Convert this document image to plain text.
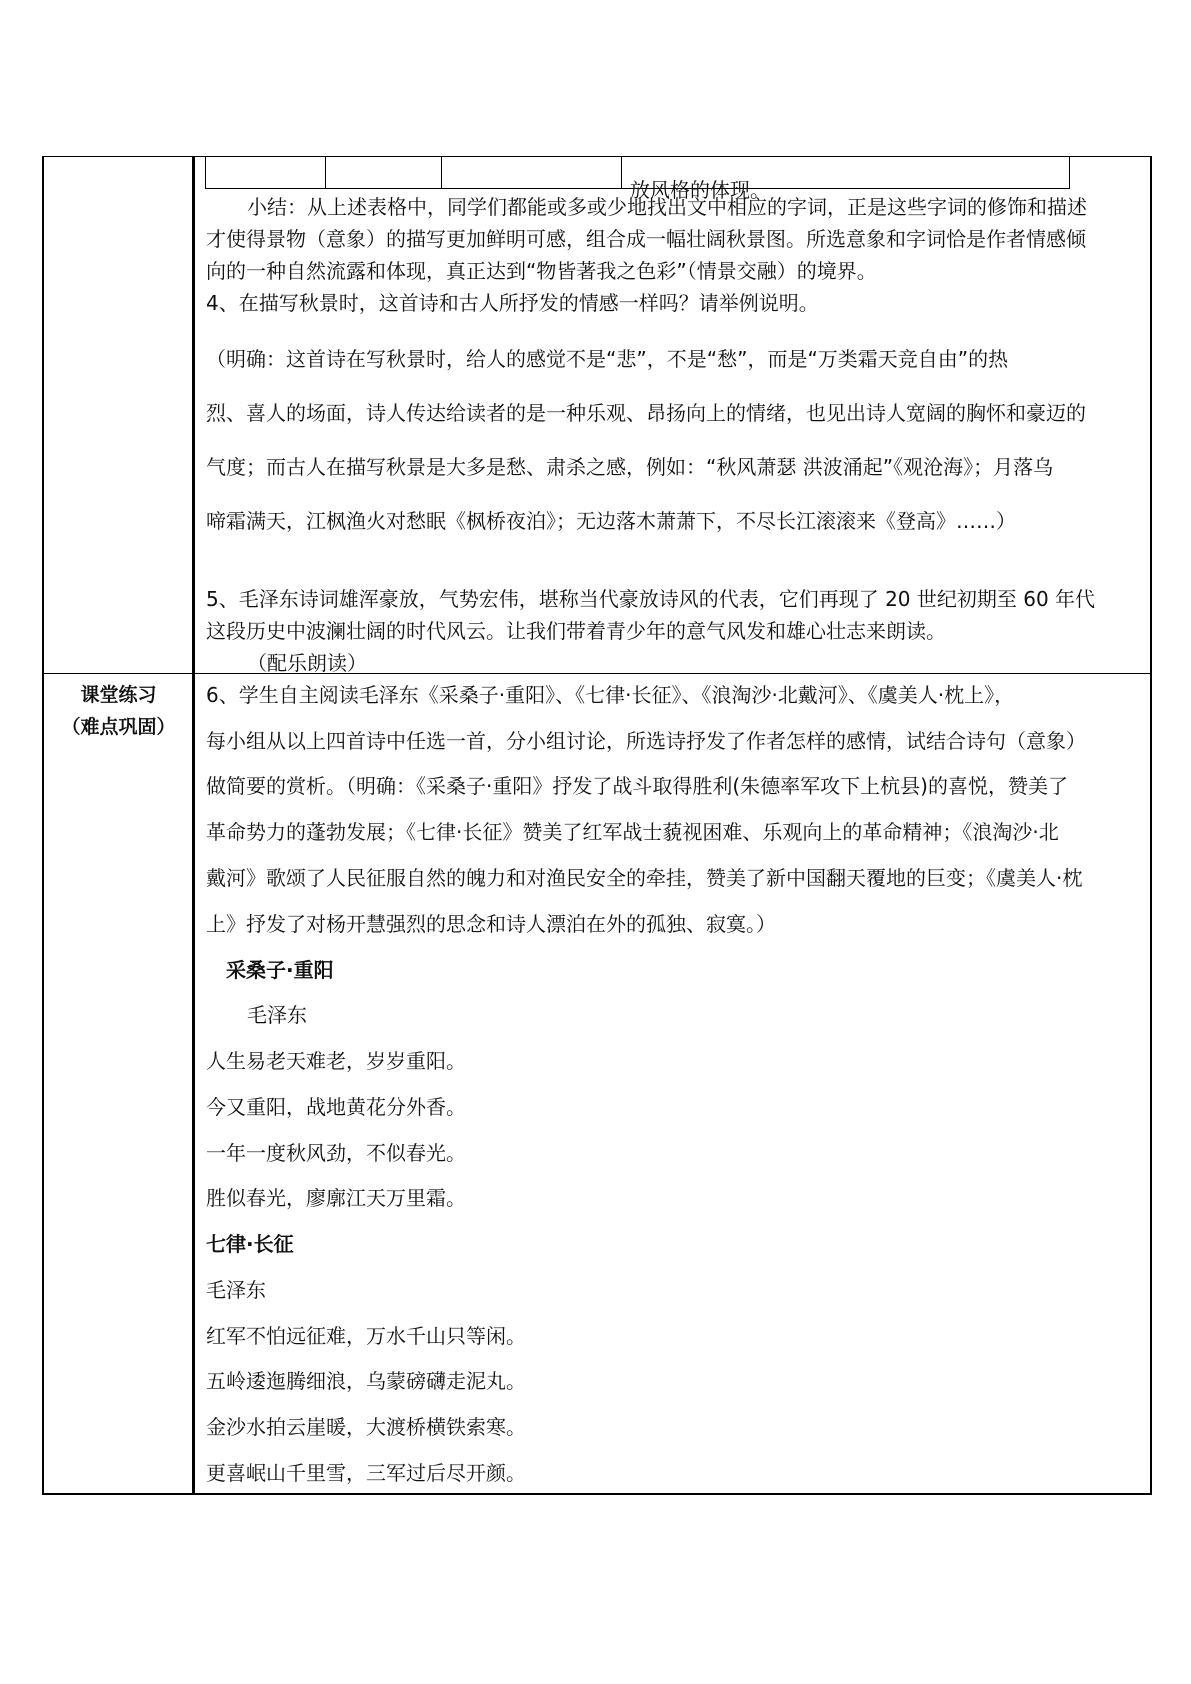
放风格的体现。
小结：从上述表格中，同学们都能或多或少地找出文中相应的字词，正是这些字词的修饰和描述
才使得景物（意象）的描写更加鲜明可感，组合成一幅壮阔秋景图。所选意象和字词恰是作者情感倾
向的一种自然流露和体现，真正达到“物皆著我之色彩”（情景交融）的境界。
4、在描写秋景时，这首诗和古人所抒发的情感一样吗？请举例说明。
（明确：这首诗在写秋景时，给人的感觉不是“悲”，不是“愁”，而是“万类霜天竞自由”的热
烈、喜人的场面，诗人传达给读者的是一种乐观、昂扬向上的情绪，也见出诗人宽阔的胸怀和豪迈的
气度；而古人在描写秋景是大多是愁、肃杀之感，例如：“秋风萧瑟 洪波涌起”《观沧海》；月落乌
啼霜满天，江枫渔火对愁眠《枫桥夜泊》；无边落木萧萧下，不尽长江滚滚来《登高》……）
5、毛泽东诗词雄浑豪放，气势宏伟，堪称当代豪放诗风的代表，它们再现了 20 世纪初期至 60 年代
这段历史中波澜壮阔的时代风云。让我们带着青少年的意气风发和雄心壮志来朗读。
（配乐朗读）
课堂练习
（难点巩固）
6、学生自主阅读毛泽东《采桑子·重阳》、《七律·长征》、《浪淘沙·北戴河》、《虞美人·枕上》，
每小组从以上四首诗中任选一首，分小组讨论，所选诗抒发了作者怎样的感情，试结合诗句（意象）
做简要的赏析。（明确：《采桑子·重阳》抒发了战斗取得胜利(朱德率军攻下上杭县)的喜悦，赞美了
革命势力的蓬勃发展；《七律·长征》赞美了红军战士藐视困难、乐观向上的革命精神；《浪淘沙·北
戴河》歌颂了人民征服自然的魄力和对渔民安全的牵挂，赞美了新中国翻天覆地的巨变；《虞美人·枕
上》抒发了对杨开慧强烈的思念和诗人漂泊在外的孤独、寂寞。）
采桑子·重阳
毛泽东
人生易老天难老，岁岁重阳。
今又重阳，战地黄花分外香。
一年一度秋风劲，不似春光。
胜似春光，廖廓江天万里霜。
七律·长征
毛泽东
红军不怕远征难，万水千山只等闲。
五岭逶迤腾细浪，乌蒙磅礴走泥丸。
金沙水拍云崖暖，大渡桥横铁索寒。
更喜岷山千里雪，三军过后尽开颜。
